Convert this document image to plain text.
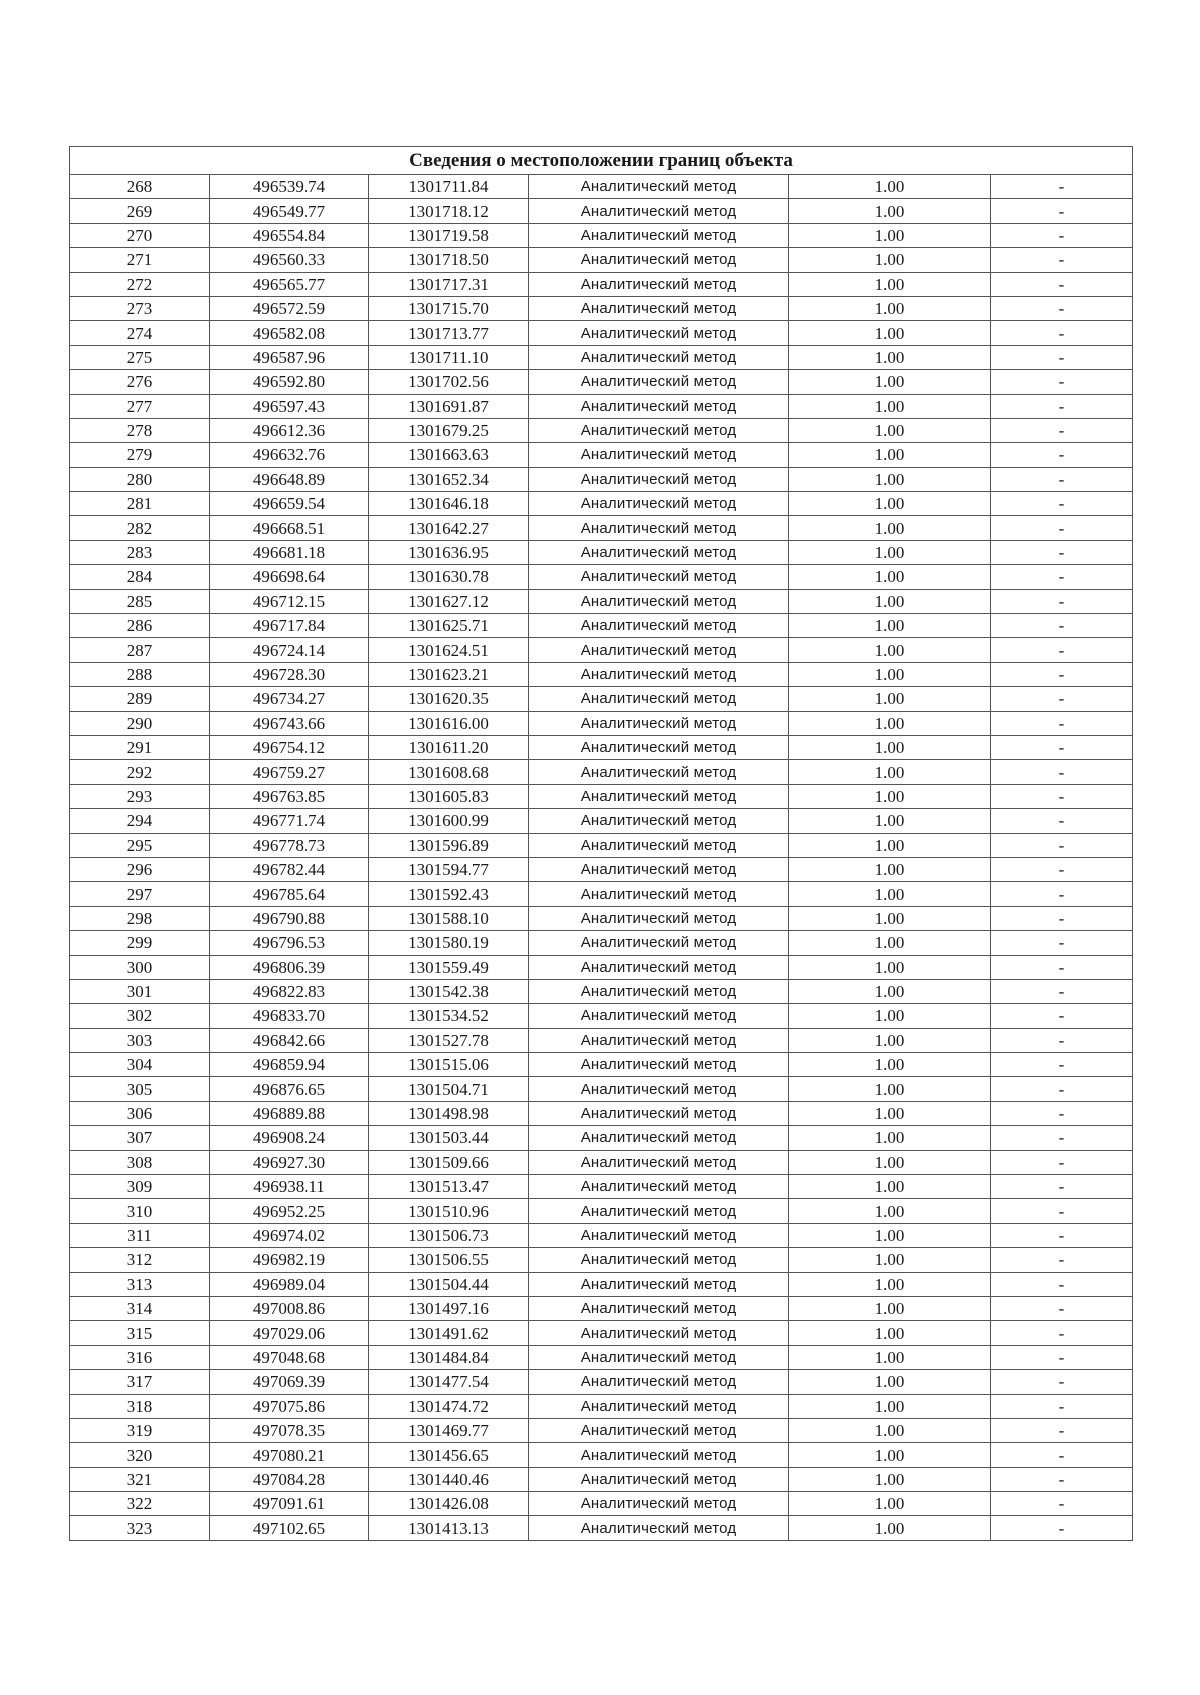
Сведения о местоположении границ объекта					
268	496539.74	1301711.84	Аналитический метод	1.00	-
269	496549.77	1301718.12	Аналитический метод	1.00	-
270	496554.84	1301719.58	Аналитический метод	1.00	-
271	496560.33	1301718.50	Аналитический метод	1.00	-
272	496565.77	1301717.31	Аналитический метод	1.00	-
273	496572.59	1301715.70	Аналитический метод	1.00	-
274	496582.08	1301713.77	Аналитический метод	1.00	-
275	496587.96	1301711.10	Аналитический метод	1.00	-
276	496592.80	1301702.56	Аналитический метод	1.00	-
277	496597.43	1301691.87	Аналитический метод	1.00	-
278	496612.36	1301679.25	Аналитический метод	1.00	-
279	496632.76	1301663.63	Аналитический метод	1.00	-
280	496648.89	1301652.34	Аналитический метод	1.00	-
281	496659.54	1301646.18	Аналитический метод	1.00	-
282	496668.51	1301642.27	Аналитический метод	1.00	-
283	496681.18	1301636.95	Аналитический метод	1.00	-
284	496698.64	1301630.78	Аналитический метод	1.00	-
285	496712.15	1301627.12	Аналитический метод	1.00	-
286	496717.84	1301625.71	Аналитический метод	1.00	-
287	496724.14	1301624.51	Аналитический метод	1.00	-
288	496728.30	1301623.21	Аналитический метод	1.00	-
289	496734.27	1301620.35	Аналитический метод	1.00	-
290	496743.66	1301616.00	Аналитический метод	1.00	-
291	496754.12	1301611.20	Аналитический метод	1.00	-
292	496759.27	1301608.68	Аналитический метод	1.00	-
293	496763.85	1301605.83	Аналитический метод	1.00	-
294	496771.74	1301600.99	Аналитический метод	1.00	-
295	496778.73	1301596.89	Аналитический метод	1.00	-
296	496782.44	1301594.77	Аналитический метод	1.00	-
297	496785.64	1301592.43	Аналитический метод	1.00	-
298	496790.88	1301588.10	Аналитический метод	1.00	-
299	496796.53	1301580.19	Аналитический метод	1.00	-
300	496806.39	1301559.49	Аналитический метод	1.00	-
301	496822.83	1301542.38	Аналитический метод	1.00	-
302	496833.70	1301534.52	Аналитический метод	1.00	-
303	496842.66	1301527.78	Аналитический метод	1.00	-
304	496859.94	1301515.06	Аналитический метод	1.00	-
305	496876.65	1301504.71	Аналитический метод	1.00	-
306	496889.88	1301498.98	Аналитический метод	1.00	-
307	496908.24	1301503.44	Аналитический метод	1.00	-
308	496927.30	1301509.66	Аналитический метод	1.00	-
309	496938.11	1301513.47	Аналитический метод	1.00	-
310	496952.25	1301510.96	Аналитический метод	1.00	-
311	496974.02	1301506.73	Аналитический метод	1.00	-
312	496982.19	1301506.55	Аналитический метод	1.00	-
313	496989.04	1301504.44	Аналитический метод	1.00	-
314	497008.86	1301497.16	Аналитический метод	1.00	-
315	497029.06	1301491.62	Аналитический метод	1.00	-
316	497048.68	1301484.84	Аналитический метод	1.00	-
317	497069.39	1301477.54	Аналитический метод	1.00	-
318	497075.86	1301474.72	Аналитический метод	1.00	-
319	497078.35	1301469.77	Аналитический метод	1.00	-
320	497080.21	1301456.65	Аналитический метод	1.00	-
321	497084.28	1301440.46	Аналитический метод	1.00	-
322	497091.61	1301426.08	Аналитический метод	1.00	-
323	497102.65	1301413.13	Аналитический метод	1.00	-
